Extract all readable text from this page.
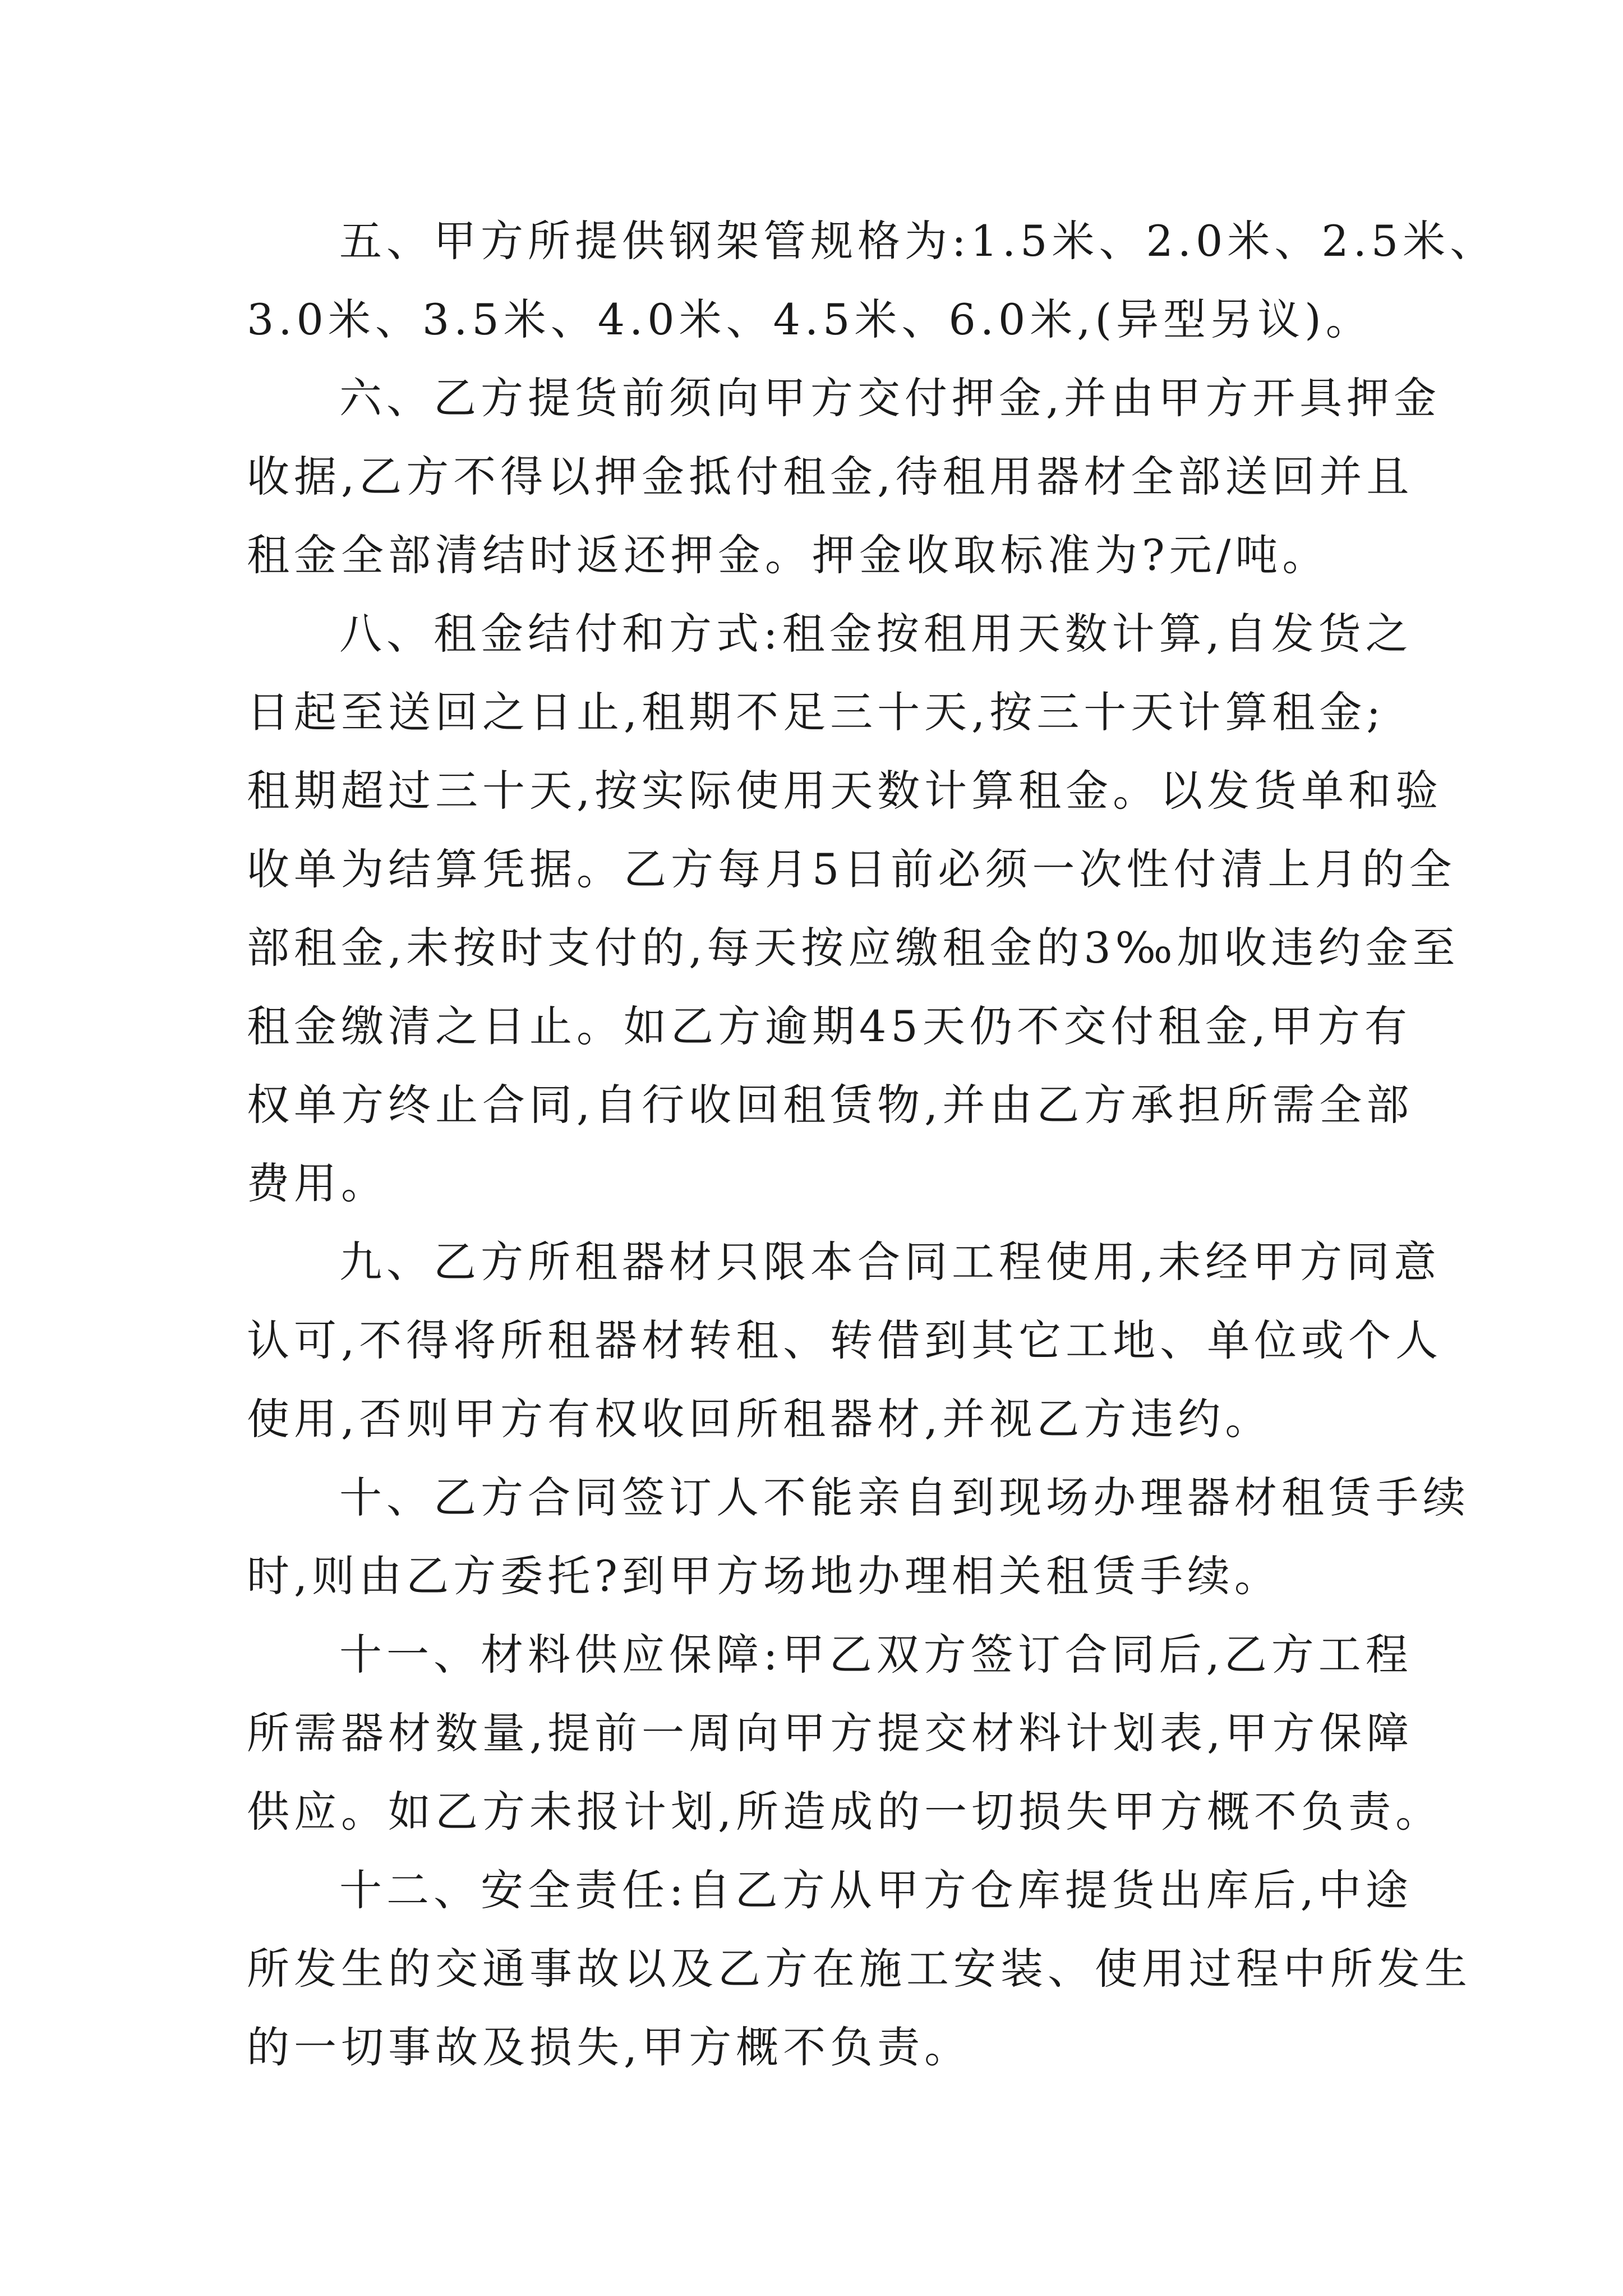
五、甲方所提供钢架管规格为:1.5米、2.0米、2.5米、
3.0米、3.5米、4.0米、4.5米、6.0米,(异型另议)。
六、乙方提货前须向甲方交付押金,并由甲方开具押金
收据,乙方不得以押金抵付租金,待租用器材全部送回并且
租金全部清结时返还押金。押金收取标准为?元/吨。
八、租金结付和方式:租金按租用天数计算,自发货之
日起至送回之日止,租期不足三十天,按三十天计算租金;
租期超过三十天,按实际使用天数计算租金。以发货单和验
收单为结算凭据。乙方每月5日前必须一次性付清上月的全
部租金,未按时支付的,每天按应缴租金的3‰加收违约金至
租金缴清之日止。如乙方逾期45天仍不交付租金,甲方有
权单方终止合同,自行收回租赁物,并由乙方承担所需全部
费用。
九、乙方所租器材只限本合同工程使用,未经甲方同意
认可,不得将所租器材转租、转借到其它工地、单位或个人
使用,否则甲方有权收回所租器材,并视乙方违约。
十、乙方合同签订人不能亲自到现场办理器材租赁手续
时,则由乙方委托?到甲方场地办理相关租赁手续。
十一、材料供应保障:甲乙双方签订合同后,乙方工程
所需器材数量,提前一周向甲方提交材料计划表,甲方保障
供应。如乙方未报计划,所造成的一切损失甲方概不负责。
十二、安全责任:自乙方从甲方仓库提货出库后,中途
所发生的交通事故以及乙方在施工安装、使用过程中所发生
的一切事故及损失,甲方概不负责。
